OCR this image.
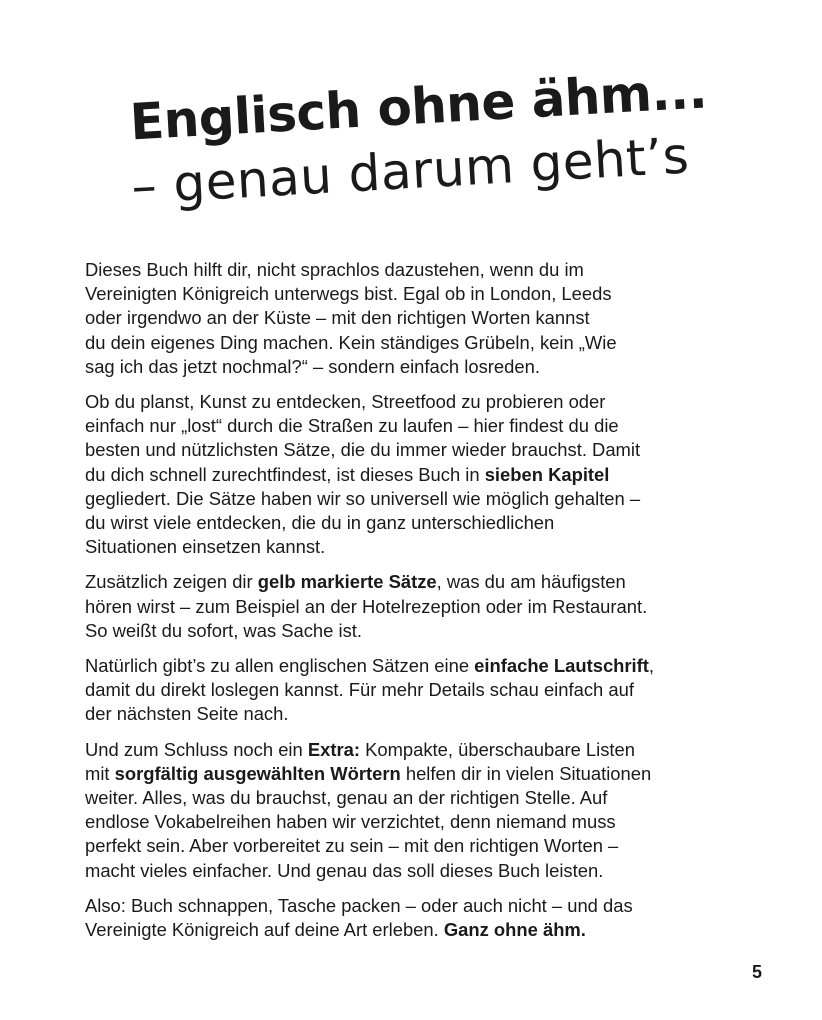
Englisch ohne ähm...
– genau darum geht’s

Dieses Buch hilft dir, nicht sprachlos dazustehen, wenn du im
Vereinigten Königreich unterwegs bist. Egal ob in London, Leeds
oder irgendwo an der Küste – mit den richtigen Worten kannst
du dein eigenes Ding machen. Kein ständiges Grübeln, kein „Wie
sag ich das jetzt nochmal?“ – sondern einfach losreden.

Ob du planst, Kunst zu entdecken, Streetfood zu probieren oder
einfach nur „lost“ durch die Straßen zu laufen – hier findest du die
besten und nützlichsten Sätze, die du immer wieder brauchst. Damit
du dich schnell zurechtfindest, ist dieses Buch in sieben Kapitel
gegliedert. Die Sätze haben wir so universell wie möglich gehalten –
du wirst viele entdecken, die du in ganz unterschiedlichen
Situationen einsetzen kannst.

Zusätzlich zeigen dir gelb markierte Sätze, was du am häufigsten
hören wirst – zum Beispiel an der Hotelrezeption oder im Restaurant.
So weißt du sofort, was Sache ist.

Natürlich gibt’s zu allen englischen Sätzen eine einfache Lautschrift,
damit du direkt loslegen kannst. Für mehr Details schau einfach auf
der nächsten Seite nach.

Und zum Schluss noch ein Extra: Kompakte, überschaubare Listen
mit sorgfältig ausgewählten Wörtern helfen dir in vielen Situationen
weiter. Alles, was du brauchst, genau an der richtigen Stelle. Auf
endlose Vokabelreihen haben wir verzichtet, denn niemand muss
perfekt sein. Aber vorbereitet zu sein – mit den richtigen Worten –
macht vieles einfacher. Und genau das soll dieses Buch leisten.

Also: Buch schnappen, Tasche packen – oder auch nicht – und das
Vereinigte Königreich auf deine Art erleben. Ganz ohne ähm.

5
